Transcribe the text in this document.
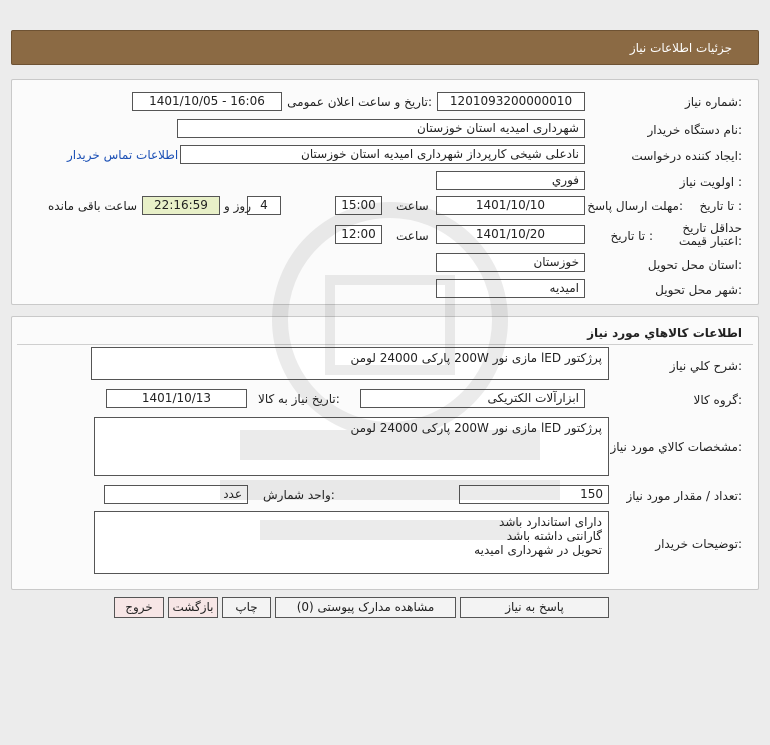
جزئیات اطلاعات نیاز
شماره نیاز:
1201093200000010
تاریخ و ساعت اعلان عمومی:
1401/10/05 - 16:06
نام دستگاه خریدار:
شهرداری امیدیه استان خوزستان
ایجاد کننده درخواست:
نادعلی شیخی کارپرداز شهرداری امیدیه استان خوزستان
اطلاعات تماس خریدار
اولویت نیاز :
فوري
مهلت ارسال پاسخ: تا تاریخ :
1401/10/10
ساعت
15:00
4
روز و
22:16:59
ساعت باقی مانده
حداقل تاریخ اعتبار قیمت:
تا تاریخ :
1401/10/20
ساعت
12:00
استان محل تحویل:
خوزستان
شهر محل تحویل:
امیدیه
اطلاعات کالاهاي مورد نياز
شرح کلي نياز:
پرژکتور lED مازی نور 200W پارکی 24000 لومن
گروه کالا:
ابزارآلات الکتریکی
تاریخ نیاز به کالا:
1401/10/13
مشخصات کالاي مورد نياز:
پرژکتور lED مازی نور 200W پارکی 24000 لومن
تعداد / مقدار مورد نیاز:
150
واحد شمارش:
عدد
توضیحات خریدار:
دارای استاندارد باشد
گارانتی داشته باشد
تحویل در شهرداری امیدیه
پاسخ به نیاز
مشاهده مدارک پیوستی (0)
چاپ
بازگشت
خروج
